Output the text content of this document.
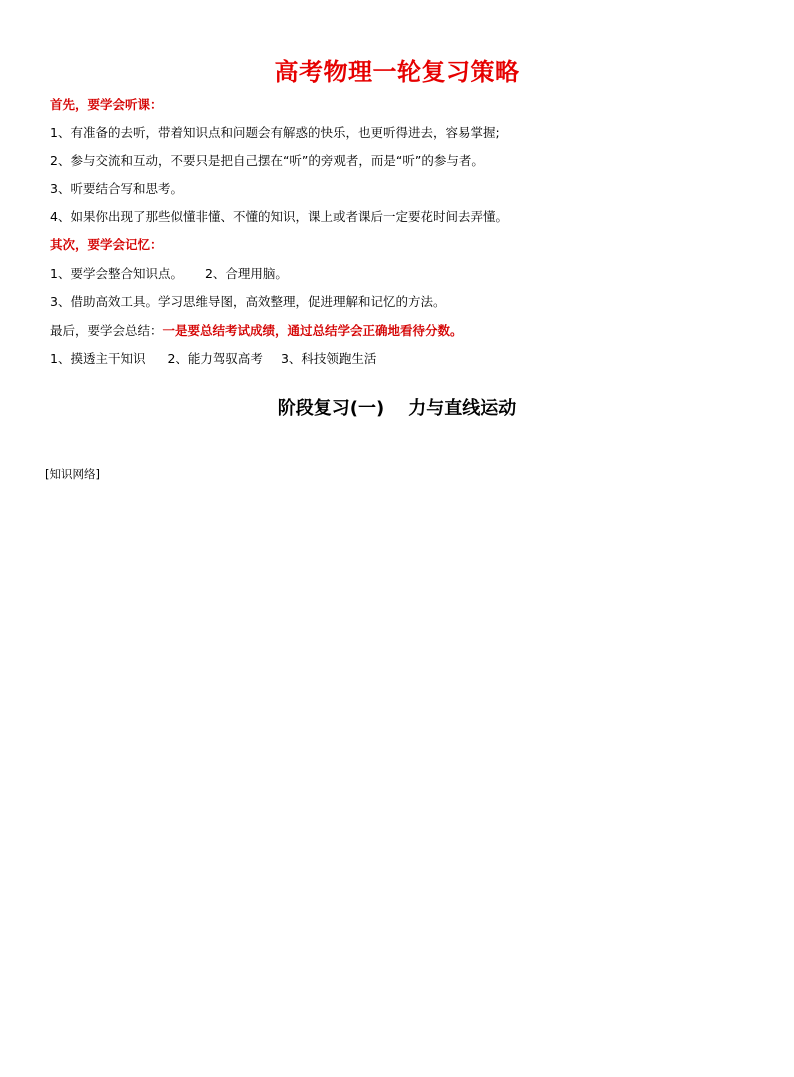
高考物理一轮复习策略
首先，要学会听课：
1、有准备的去听，带着知识点和问题会有解惑的快乐，也更听得进去，容易掌握;
2、参与交流和互动，不要只是把自己摆在“听”的旁观者，而是“听”的参与者。
3、听要结合写和思考。
4、如果你出现了那些似懂非懂、不懂的知识，课上或者课后一定要花时间去弄懂。
其次，要学会记忆：
1、要学会整合知识点。 2、合理用脑。
3、借助高效工具。学习思维导图，高效整理，促进理解和记忆的方法。
最后，要学会总结：一是要总结考试成绩，通过总结学会正确地看待分数。
1、摸透主干知识 2、能力驾驭高考 3、科技领跑生活
阶段复习(一) 力与直线运动
[知识网络]
